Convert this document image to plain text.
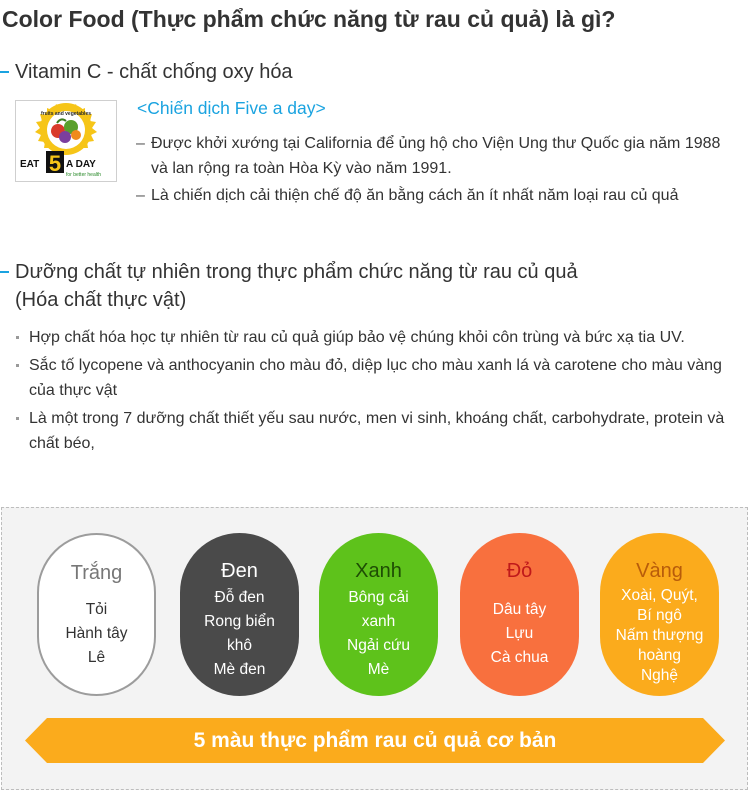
Color Food (Thực phẩm chức năng từ rau củ quả) là gì?
Vitamin C - chất chống oxy hóa
fruits and vegetables
EAT 5 A DAY
for better health
<Chiến dịch Five a day>
– Được khởi xướng tại California để ủng hộ cho Viện Ung thư Quốc gia năm 1988 và lan rộng ra toàn Hòa Kỳ vào năm 1991.
– Là chiến dịch cải thiện chế độ ăn bằng cách ăn ít nhất năm loại rau củ quả
Dưỡng chất tự nhiên trong thực phẩm chức năng từ rau củ quả
(Hóa chất thực vật)
Hợp chất hóa học tự nhiên từ rau củ quả giúp bảo vệ chúng khỏi côn trùng và bức xạ tia UV.
Sắc tố lycopene và anthocyanin cho màu đỏ, diệp lục cho màu xanh lá và carotene cho màu vàng của thực vật
Là một trong 7 dưỡng chất thiết yếu sau nước, men vi sinh, khoáng chất, carbohydrate, protein và chất béo,
Trắng
Tỏi
Hành tây
Lê
Đen
Đỗ đen
Rong biển
khô
Mè đen
Xanh
Bông cải
xanh
Ngải cứu
Mè
Đỏ
Dâu tây
Lựu
Cà chua
Vàng
Xoài, Quýt,
Bí ngô
Nấm thượng
hoàng
Nghệ
5 màu thực phẩm rau củ quả cơ bản
